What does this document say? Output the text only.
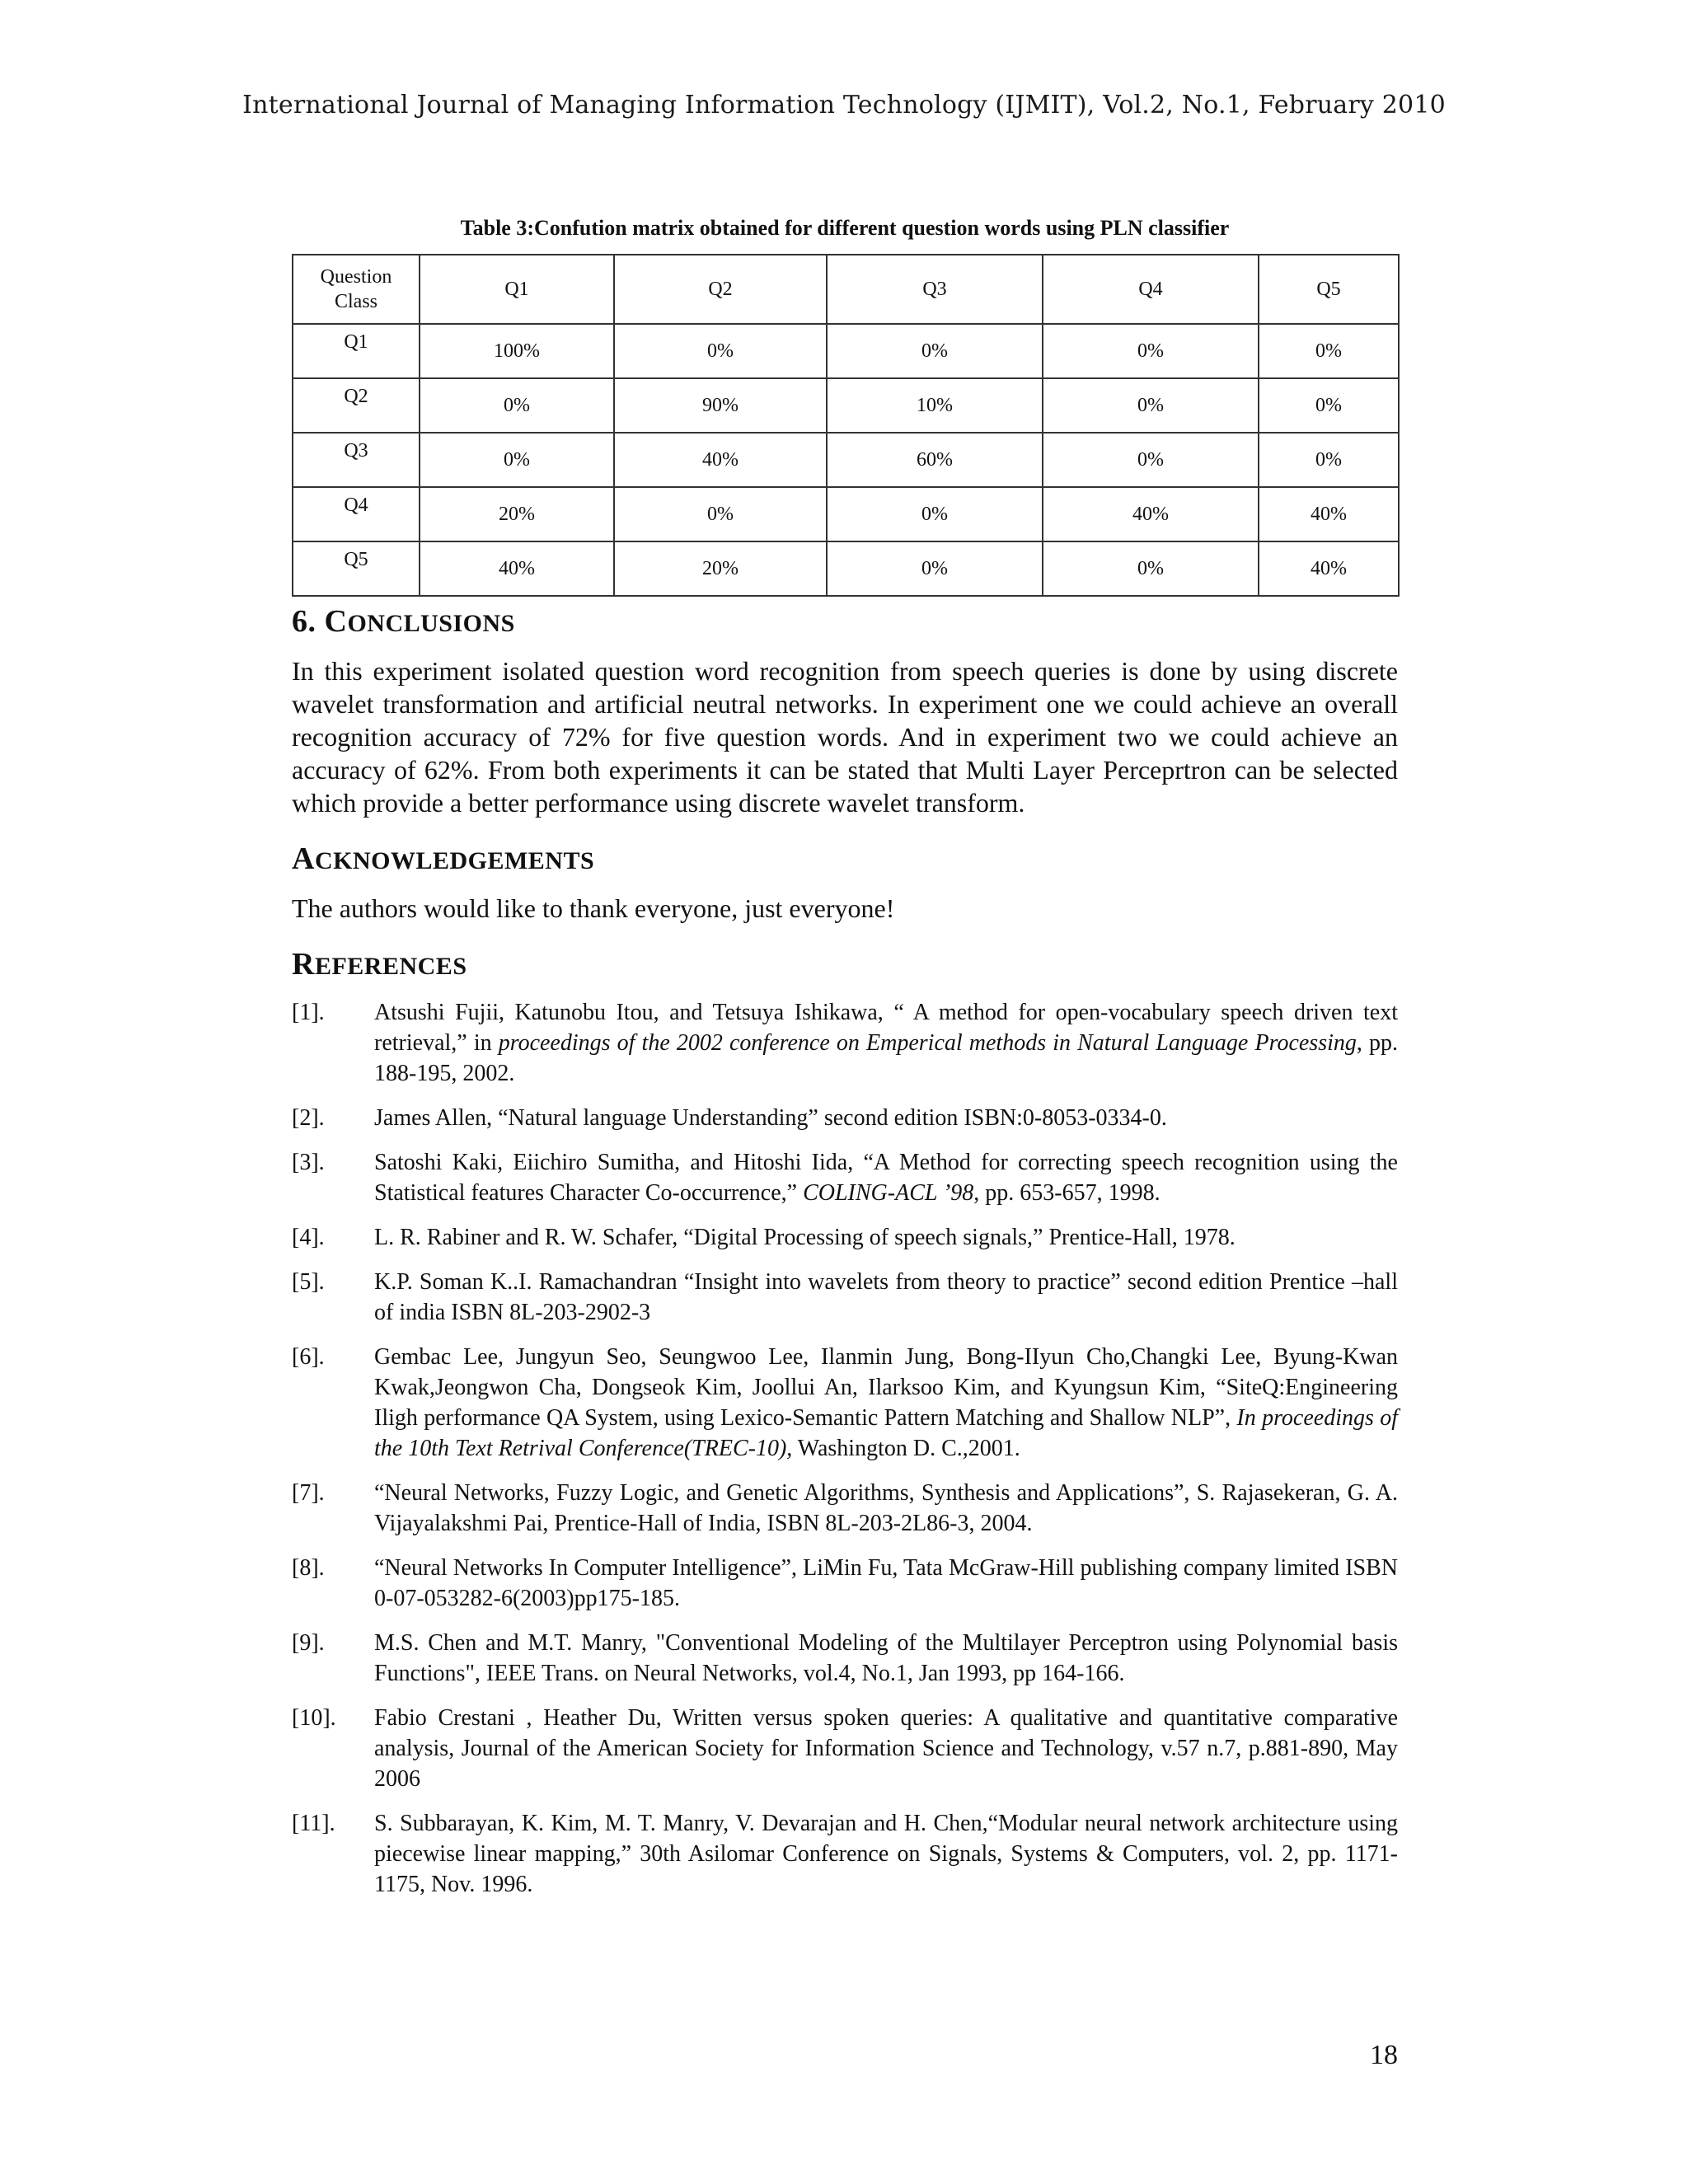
International Journal of Managing Information Technology (IJMIT), Vol.2, No.1, February 2010
Table 3:Confution matrix obtained for different question words using PLN classifier
Question
Class	Q1	Q2	Q3	Q4	Q5
Q1	100%	0%	0%	0%	0%
Q2	0%	90%	10%	0%	0%
Q3	0%	40%	60%	0%	0%
Q4	20%	0%	0%	40%	40%
Q5	40%	20%	0%	0%	40%
6. CONCLUSIONS

In this experiment isolated question word recognition from speech queries is done by using discrete wavelet transformation and artificial neutral networks. In experiment one we could achieve an overall recognition accuracy of 72% for five question words. And in experiment two we could achieve an accuracy of 62%. From both experiments it can be stated that Multi Layer Perceprtron can be selected which provide a better performance using discrete wavelet transform.

ACKNOWLEDGEMENTS

The authors would like to thank everyone, just everyone!

REFERENCES
[1].	Atsushi Fujii, Katunobu Itou, and Tetsuya Ishikawa, “ A method for open-vocabulary speech driven text retrieval,” in proceedings of the 2002 conference on Emperical methods in Natural Language Processing, pp. 188-195, 2002.
[2].	James Allen, “Natural language Understanding” second edition ISBN:0-8053-0334-0.
[3].	Satoshi Kaki, Eiichiro Sumitha, and Hitoshi Iida, “A Method for correcting speech recognition using the Statistical features Character Co-occurrence,” COLING-ACL ’98, pp. 653-657, 1998.
[4].	L. R. Rabiner and R. W. Schafer, “Digital Processing of speech signals,” Prentice-Hall, 1978.
[5].	K.P. Soman K..I. Ramachandran “Insight into wavelets from theory to practice” second edition Prentice –hall of india ISBN 8L-203-2902-3
[6].	Gembac Lee, Jungyun Seo, Seungwoo Lee, Ilanmin Jung, Bong-IIyun Cho,Changki Lee, Byung-Kwan Kwak,Jeongwon Cha, Dongseok Kim, Joollui An, Ilarksoo Kim, and Kyungsun Kim, “SiteQ:Engineering Iligh performance QA System, using Lexico-Semantic Pattern Matching and Shallow NLP”, In proceedings of the 10th Text Retrival Conference(TREC-10), Washington D. C.,2001.
[7].	“Neural Networks, Fuzzy Logic, and Genetic Algorithms, Synthesis and Applications”, S. Rajasekeran, G. A. Vijayalakshmi Pai, Prentice-Hall of India, ISBN 8L-203-2L86-3, 2004.
[8].	“Neural Networks In Computer Intelligence”, LiMin Fu, Tata McGraw-Hill publishing company limited ISBN 0-07-053282-6(2003)pp175-185.
[9].	M.S. Chen and M.T. Manry, "Conventional Modeling of the Multilayer Perceptron using Polynomial basis Functions", IEEE Trans. on Neural Networks, vol.4, No.1, Jan 1993, pp 164-166.
[10].	Fabio Crestani , Heather Du, Written versus spoken queries: A qualitative and quantitative comparative analysis, Journal of the American Society for Information Science and Technology, v.57 n.7, p.881-890, May 2006
[11].	S. Subbarayan, K. Kim, M. T. Manry, V. Devarajan and H. Chen,“Modular neural network architecture using piecewise linear mapping,” 30th Asilomar Conference on Signals, Systems & Computers, vol. 2, pp. 1171-1175, Nov. 1996.
18
